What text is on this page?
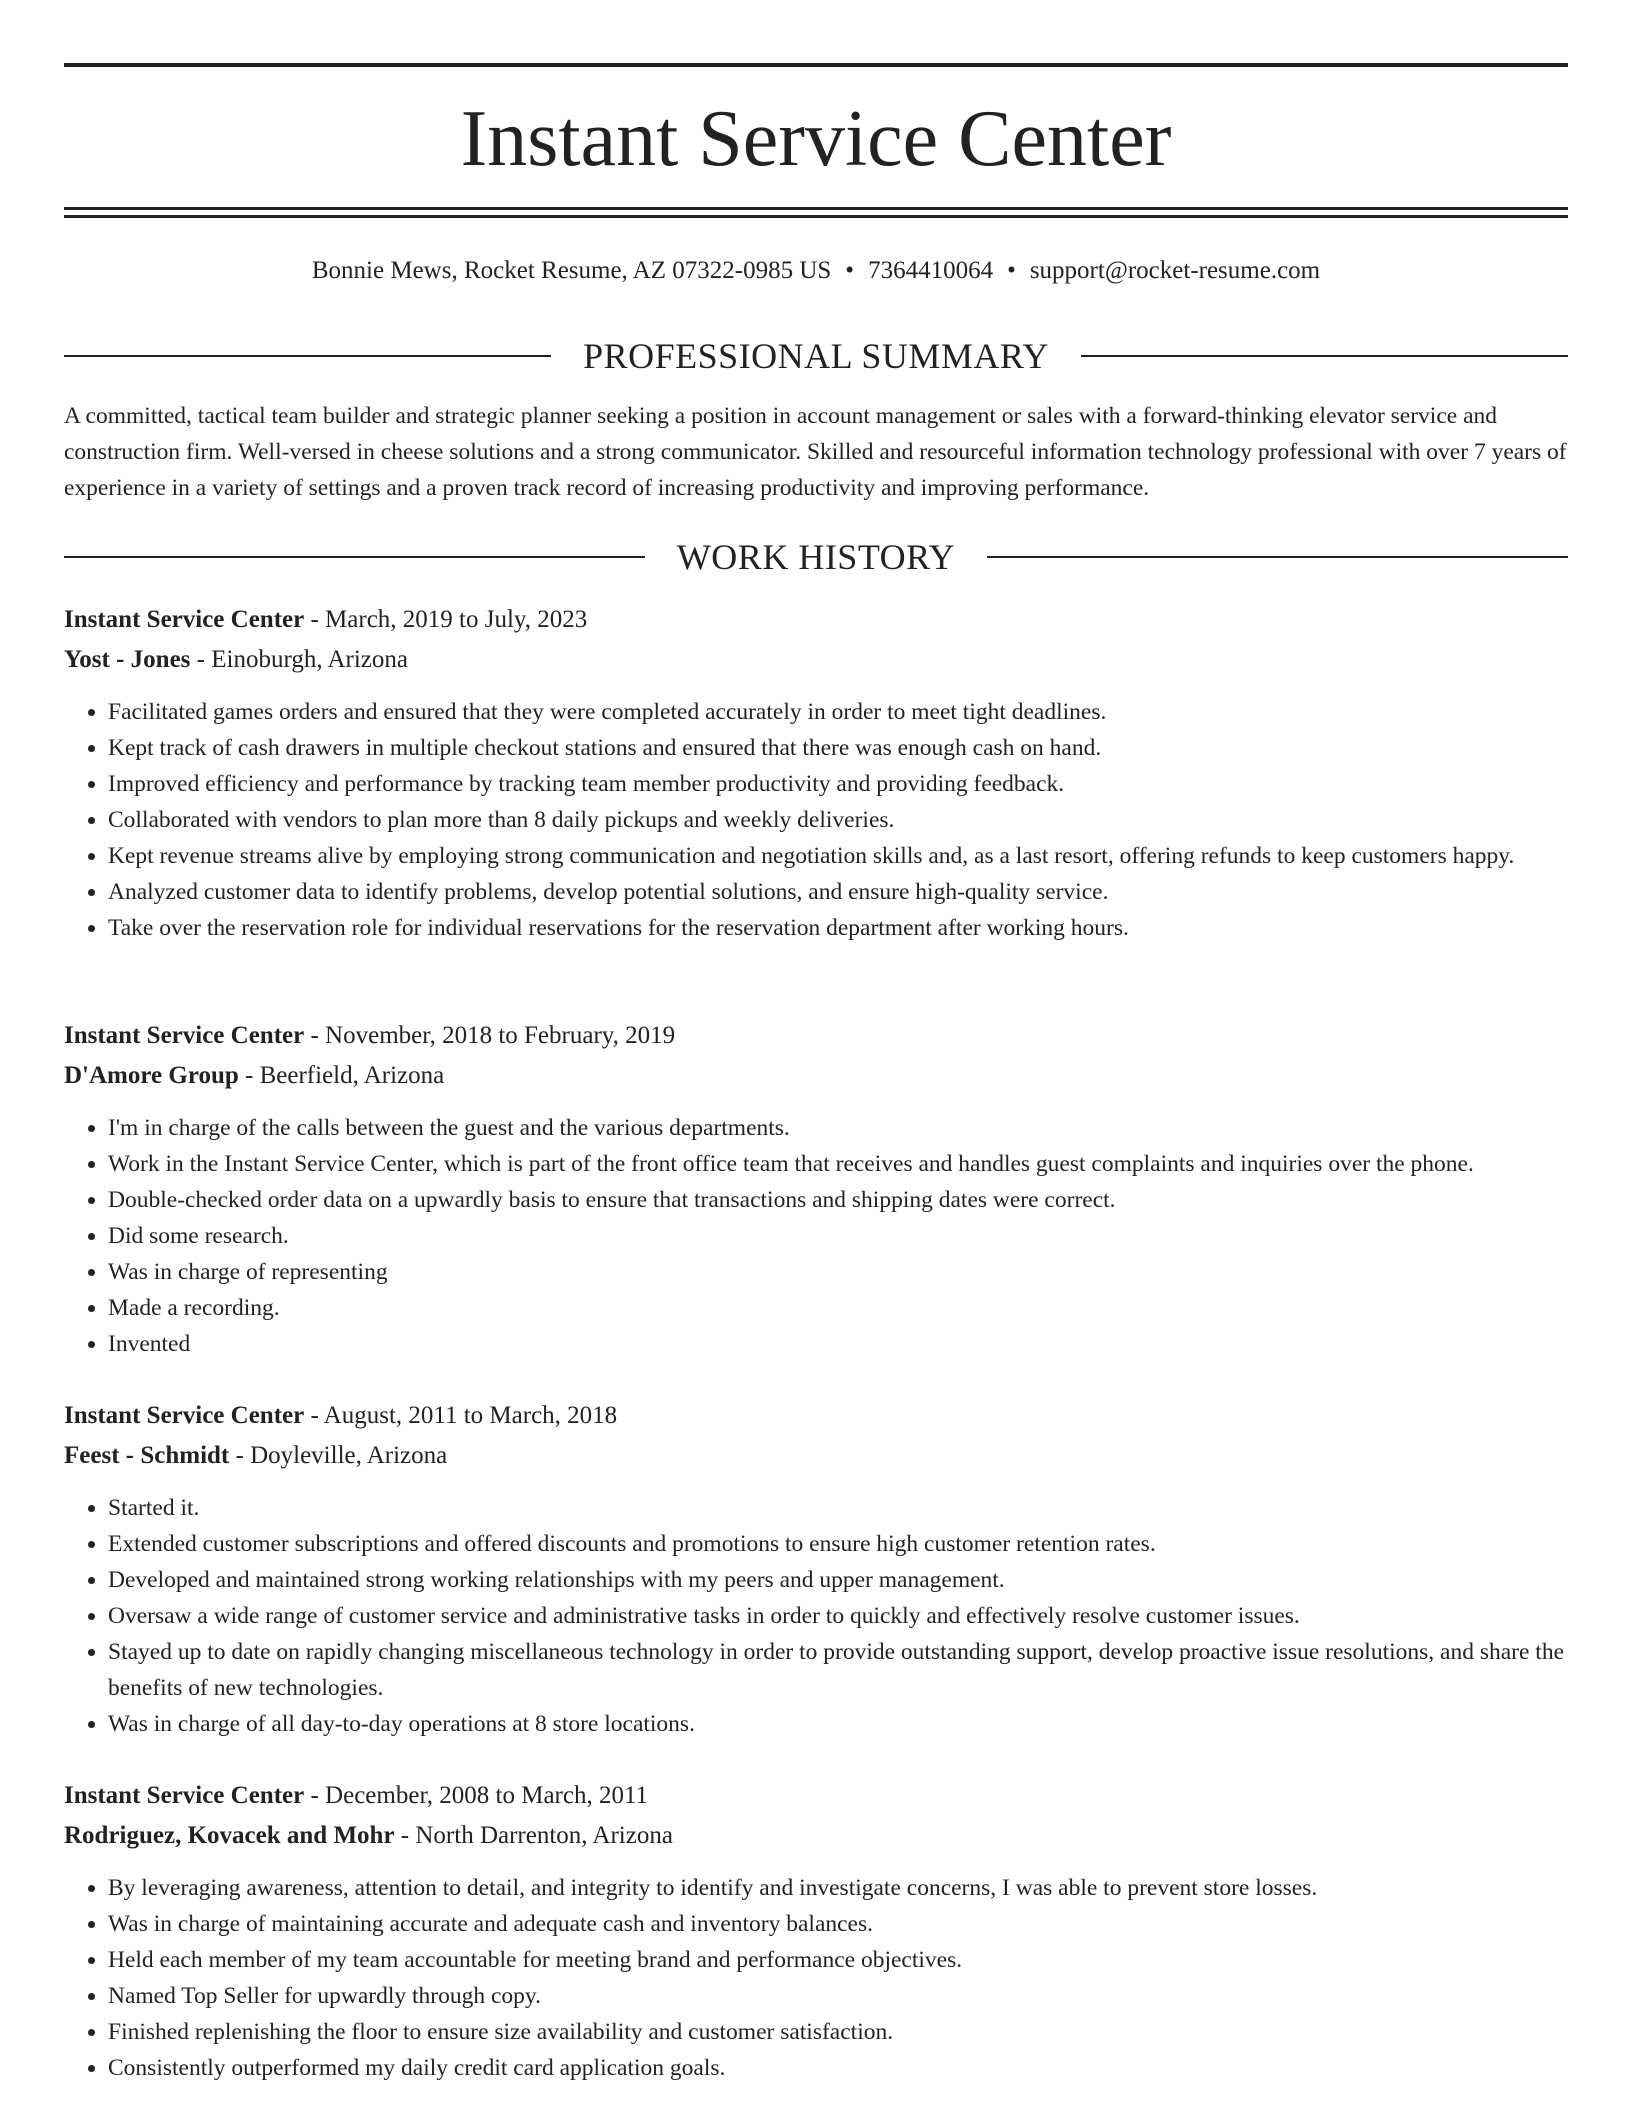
Instant Service Center
Bonnie Mews, Rocket Resume, AZ 07322-0985 US • 7364410064 • support@rocket-resume.com
PROFESSIONAL SUMMARY

A committed, tactical team builder and strategic planner seeking a position in account management or sales with a forward-thinking elevator service and construction firm. Well-versed in cheese solutions and a strong communicator. Skilled and resourceful information technology professional with over 7 years of experience in a variety of settings and a proven track record of increasing productivity and improving performance.

WORK HISTORY

Instant Service Center - March, 2019 to July, 2023

Yost - Jones - Einoburgh, Arizona

• Facilitated games orders and ensured that they were completed accurately in order to meet tight deadlines.
• Kept track of cash drawers in multiple checkout stations and ensured that there was enough cash on hand.
• Improved efficiency and performance by tracking team member productivity and providing feedback.
• Collaborated with vendors to plan more than 8 daily pickups and weekly deliveries.
• Kept revenue streams alive by employing strong communication and negotiation skills and, as a last resort, offering refunds to keep customers happy.
• Analyzed customer data to identify problems, develop potential solutions, and ensure high-quality service.
• Take over the reservation role for individual reservations for the reservation department after working hours.

Instant Service Center - November, 2018 to February, 2019

D'Amore Group - Beerfield, Arizona

• I'm in charge of the calls between the guest and the various departments.
• Work in the Instant Service Center, which is part of the front office team that receives and handles guest complaints and inquiries over the phone.
• Double-checked order data on a upwardly basis to ensure that transactions and shipping dates were correct.
• Did some research.
• Was in charge of representing
• Made a recording.
• Invented

Instant Service Center - August, 2011 to March, 2018

Feest - Schmidt - Doyleville, Arizona

• Started it.
• Extended customer subscriptions and offered discounts and promotions to ensure high customer retention rates.
• Developed and maintained strong working relationships with my peers and upper management.
• Oversaw a wide range of customer service and administrative tasks in order to quickly and effectively resolve customer issues.
• Stayed up to date on rapidly changing miscellaneous technology in order to provide outstanding support, develop proactive issue resolutions, and share the benefits of new technologies.
• Was in charge of all day-to-day operations at 8 store locations.

Instant Service Center - December, 2008 to March, 2011

Rodriguez, Kovacek and Mohr - North Darrenton, Arizona

• By leveraging awareness, attention to detail, and integrity to identify and investigate concerns, I was able to prevent store losses.
• Was in charge of maintaining accurate and adequate cash and inventory balances.
• Held each member of my team accountable for meeting brand and performance objectives.
• Named Top Seller for upwardly through copy.
• Finished replenishing the floor to ensure size availability and customer satisfaction.
• Consistently outperformed my daily credit card application goals.
